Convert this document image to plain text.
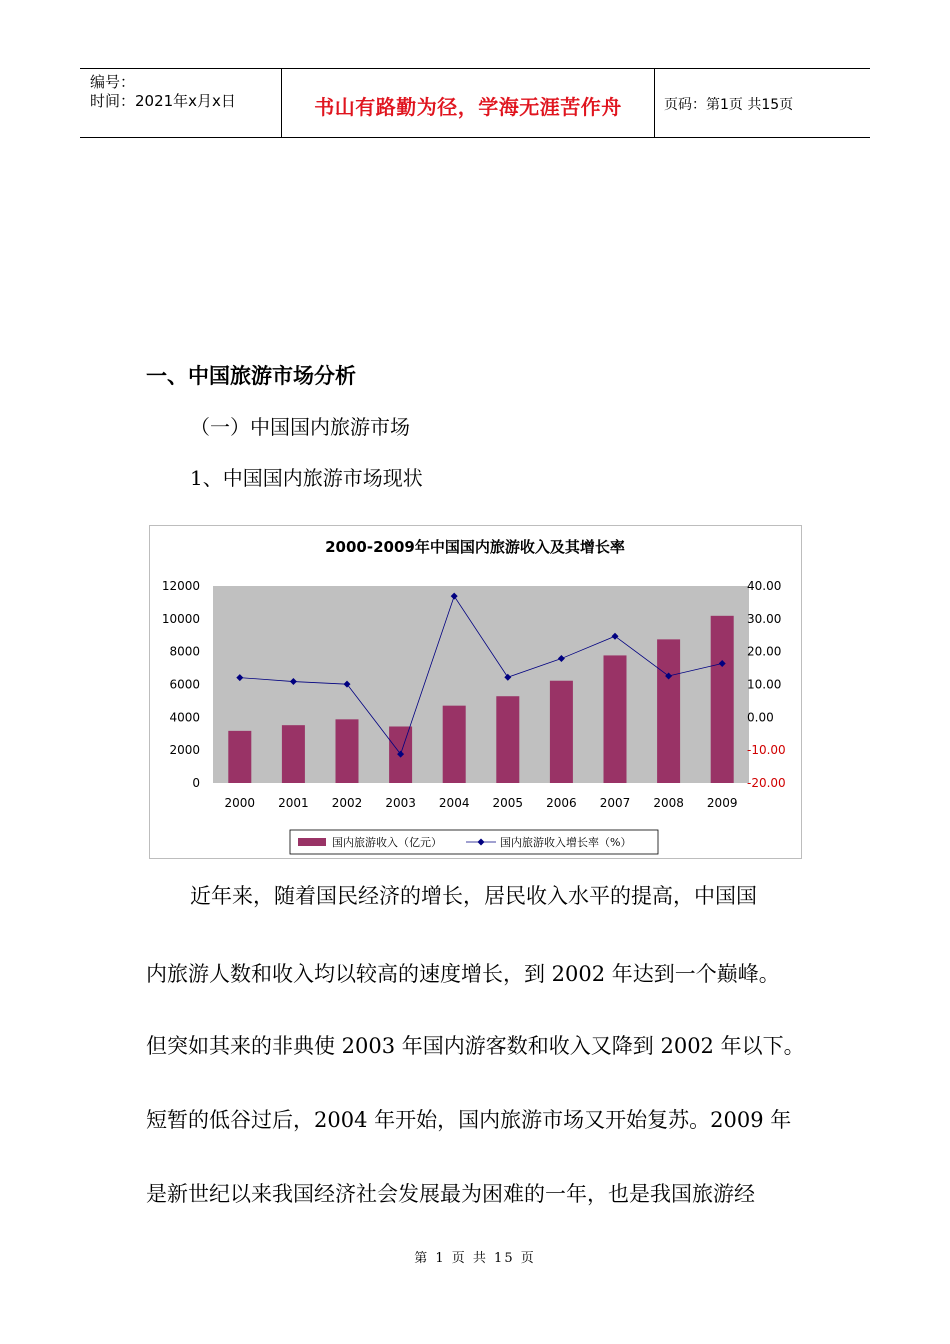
编号：
时间：2021年x月x日	书山有路勤为径，学海无涯苦作舟	页码：第1页 共15页
一、中国旅游市场分析
（一）中国国内旅游市场
1、中国国内旅游市场现状
2000-2009年中国国内旅游收入及其增长率
12000
10000
8000
6000
4000
2000
0
40.00
30.00
20.00
10.00
0.00
-10.00
-20.00
2000 2001 2002 2003 2004 2005 2006 2007 2008 2009
国内旅游收入（亿元）	国内旅游收入增长率（%）
近年来，随着国民经济的增长，居民收入水平的提高，中国国
内旅游人数和收入均以较高的速度增长，到 2002 年达到一个巅峰。
但突如其来的非典使 2003 年国内游客数和收入又降到 2002 年以下。
短暂的低谷过后，2004 年开始，国内旅游市场又开始复苏。2009 年
是新世纪以来我国经济社会发展最为困难的一年，也是我国旅游经
第 1 页 共 15 页
